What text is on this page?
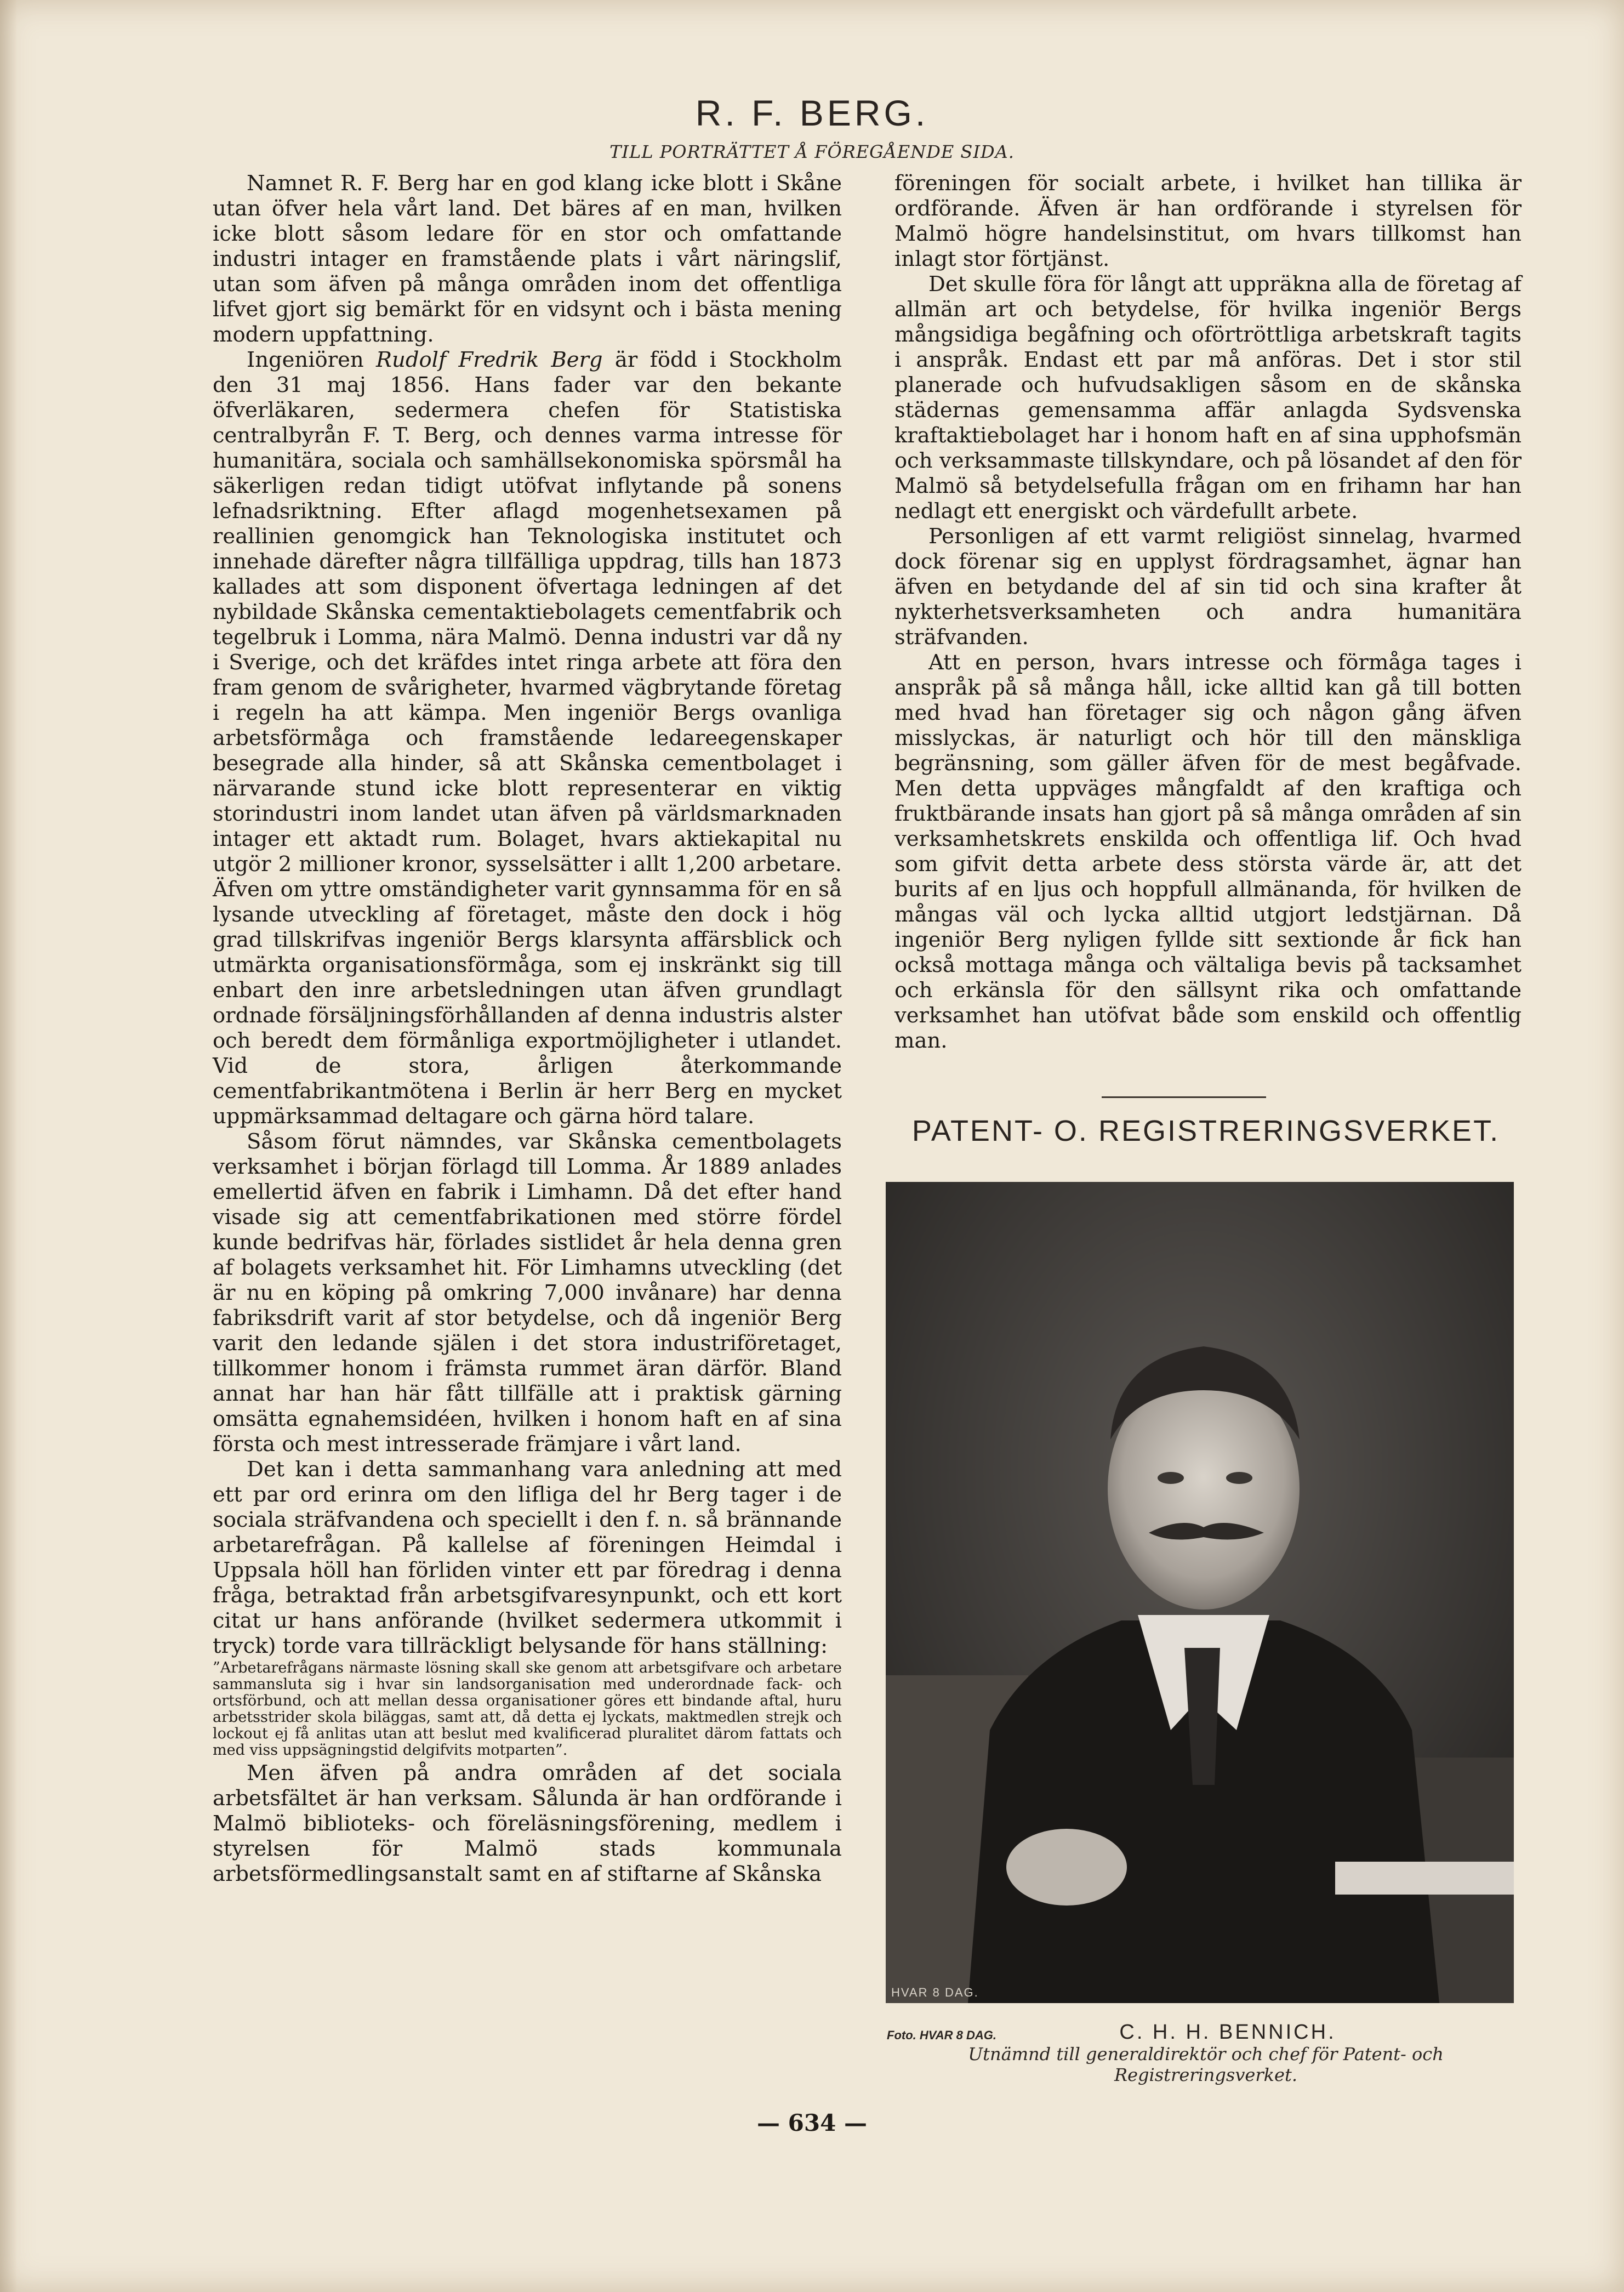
R. F. BERG.
TILL PORTRÄTTET Å FÖREGÅENDE SIDA.

Namnet R. F. Berg har en god klang icke blott i Skåne utan öfver hela vårt land. Det bäres af en man, hvilken icke blott såsom ledare för en stor och omfattande industri intager en framstående plats i vårt näringslif, utan som äfven på många områden inom det offentliga lifvet gjort sig bemärkt för en vidsynt och i bästa mening modern uppfattning.

Ingeniören Rudolf Fredrik Berg är född i Stockholm den 31 maj 1856. Hans fader var den bekante öfverläkaren, sedermera chefen för Statistiska centralbyrån F. T. Berg, och dennes varma intresse för humanitära, sociala och samhällsekonomiska spörsmål ha säkerligen redan tidigt utöfvat inflytande på sonens lefnadsriktning. Efter aflagd mogenhetsexamen på reallinien genomgick han Teknologiska institutet och innehade därefter några tillfälliga uppdrag, tills han 1873 kallades att som disponent öfvertaga ledningen af det nybildade Skånska cementaktiebolagets cementfabrik och tegelbruk i Lomma, nära Malmö. Denna industri var då ny i Sverige, och det kräfdes intet ringa arbete att föra den fram genom de svårigheter, hvarmed vägbrytande företag i regeln ha att kämpa. Men ingeniör Bergs ovanliga arbetsförmåga och framstående ledareegenskaper besegrade alla hinder, så att Skånska cementbolaget i närvarande stund icke blott representerar en viktig storindustri inom landet utan äfven på världsmarknaden intager ett aktadt rum. Bolaget, hvars aktiekapital nu utgör 2 millioner kronor, sysselsätter i allt 1,200 arbetare. Äfven om yttre omständigheter varit gynnsamma för en så lysande utveckling af företaget, måste den dock i hög grad tillskrifvas ingeniör Bergs klarsynta affärsblick och utmärkta organisationsförmåga, som ej inskränkt sig till enbart den inre arbetsledningen utan äfven grundlagt ordnade försäljningsförhållanden af denna industris alster och beredt dem förmånliga exportmöjligheter i utlandet. Vid de stora, årligen återkommande cementfabrikantmötena i Berlin är herr Berg en mycket uppmärksammad deltagare och gärna hörd talare.

Såsom förut nämndes, var Skånska cementbolagets verksamhet i början förlagd till Lomma. År 1889 anlades emellertid äfven en fabrik i Limhamn. Då det efter hand visade sig att cementfabrikationen med större fördel kunde bedrifvas här, förlades sistlidet år hela denna gren af bolagets verksamhet hit. För Limhamns utveckling (det är nu en köping på omkring 7,000 invånare) har denna fabriksdrift varit af stor betydelse, och då ingeniör Berg varit den ledande själen i det stora industriföretaget, tillkommer honom i främsta rummet äran därför. Bland annat har han här fått tillfälle att i praktisk gärning omsätta egnahemsidéen, hvilken i honom haft en af sina första och mest intresserade främjare i vårt land.

Det kan i detta sammanhang vara anledning att med ett par ord erinra om den lifliga del hr Berg tager i de sociala sträfvandena och speciellt i den f. n. så brännande arbetarefrågan. På kallelse af föreningen Heimdal i Uppsala höll han förliden vinter ett par föredrag i denna fråga, betraktad från arbetsgifvaresynpunkt, och ett kort citat ur hans anförande (hvilket sedermera utkommit i tryck) torde vara tillräckligt belysande för hans ställning:

”Arbetarefrågans närmaste lösning skall ske genom att arbetsgifvare och arbetare sammansluta sig i hvar sin landsorganisation med underordnade fack- och ortsförbund, och att mellan dessa organisationer göres ett bindande aftal, huru arbetsstrider skola biläggas, samt att, då detta ej lyckats, maktmedlen strejk och lockout ej få anlitas utan att beslut med kvalificerad pluralitet därom fattats och med viss uppsägningstid delgifvits motparten”.

Men äfven på andra områden af det sociala arbetsfältet är han verksam. Sålunda är han ordförande i Malmö biblioteks- och föreläsningsförening, medlem i styrelsen för Malmö stads kommunala arbetsförmedlingsanstalt samt en af stiftarne af Skånska

föreningen för socialt arbete, i hvilket han tillika är ordförande. Äfven är han ordförande i styrelsen för Malmö högre handelsinstitut, om hvars tillkomst han inlagt stor förtjänst.

Det skulle föra för långt att uppräkna alla de företag af allmän art och betydelse, för hvilka ingeniör Bergs mångsidiga begåfning och oförtröttliga arbetskraft tagits i anspråk. Endast ett par må anföras. Det i stor stil planerade och hufvudsakligen såsom en de skånska städernas gemensamma affär anlagda Sydsvenska kraftaktiebolaget har i honom haft en af sina upphofsmän och verksammaste tillskyndare, och på lösandet af den för Malmö så betydelsefulla frågan om en frihamn har han nedlagt ett energiskt och värdefullt arbete.

Personligen af ett varmt religiöst sinnelag, hvarmed dock förenar sig en upplyst fördragsamhet, ägnar han äfven en betydande del af sin tid och sina krafter åt nykterhetsverksamheten och andra humanitära sträfvanden.

Att en person, hvars intresse och förmåga tages i anspråk på så många håll, icke alltid kan gå till botten med hvad han företager sig och någon gång äfven misslyckas, är naturligt och hör till den mänskliga begränsning, som gäller äfven för de mest begåfvade. Men detta uppväges mångfaldt af den kraftiga och fruktbärande insats han gjort på så många områden af sin verksamhetskrets enskilda och offentliga lif. Och hvad som gifvit detta arbete dess största värde är, att det burits af en ljus och hoppfull allmänanda, för hvilken de mångas väl och lycka alltid utgjort ledstjärnan. Då ingeniör Berg nyligen fyllde sitt sextionde år fick han också mottaga många och vältaliga bevis på tacksamhet och erkänsla för den sällsynt rika och omfattande verksamhet han utöfvat både som enskild och offentlig man.

PATENT- O. REGISTRERINGSVERKET.
HVAR 8 DAG.
Foto. HVAR 8 DAG.	C. H. H. BENNICH.
Utnämnd till generaldirektör och chef för Patent- och
Registreringsverket.
— 634 —
